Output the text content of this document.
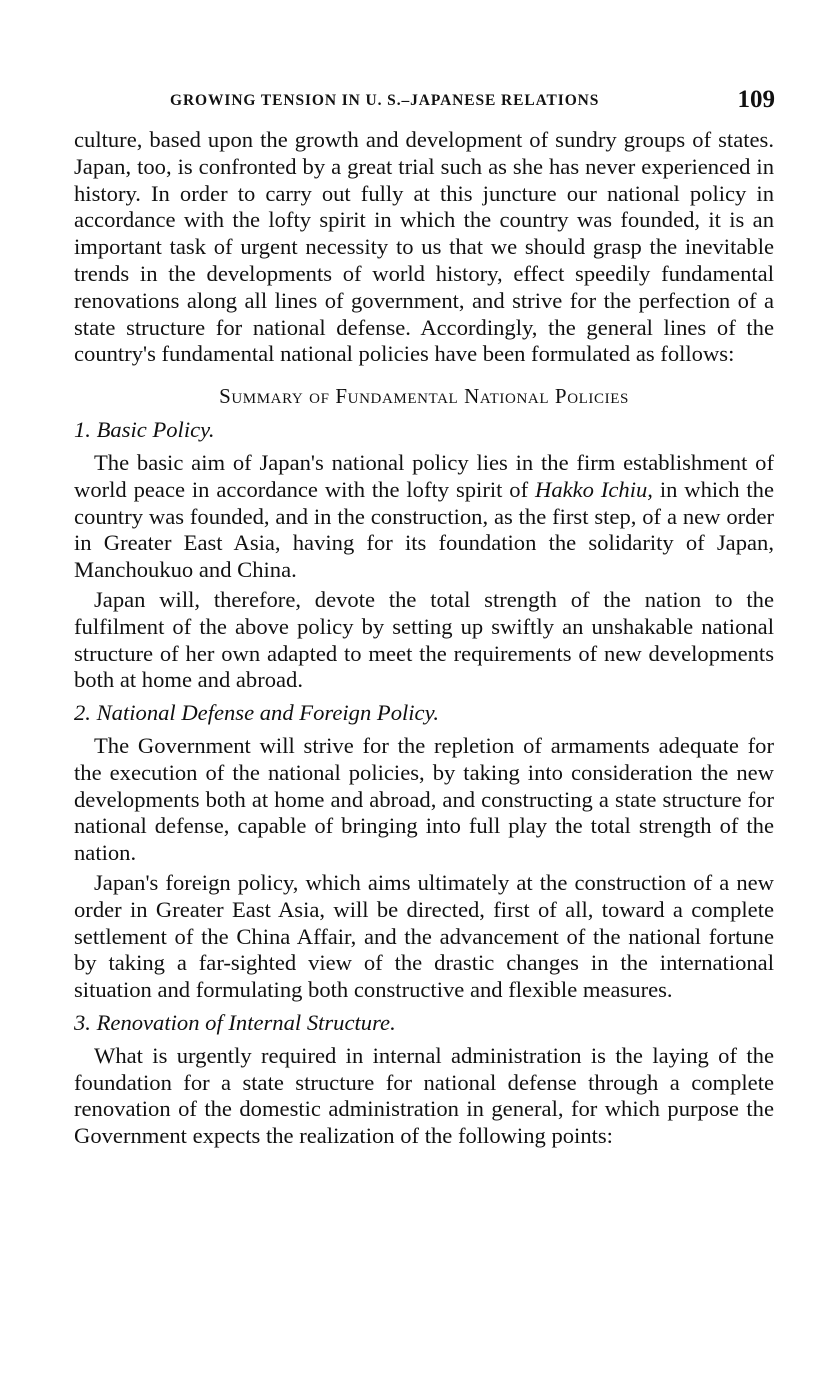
GROWING TENSION IN U. S.–JAPANESE RELATIONS	109

culture, based upon the growth and development of sundry groups of states. Japan, too, is confronted by a great trial such as she has never experienced in history. In order to carry out fully at this juncture our national policy in accordance with the lofty spirit in which the country was founded, it is an important task of urgent necessity to us that we should grasp the inevitable trends in the developments of world history, effect speedily fundamental renovations along all lines of government, and strive for the perfection of a state structure for national defense. Accordingly, the general lines of the country's fundamental national policies have been formulated as follows:

Summary of Fundamental National Policies

1. Basic Policy.

The basic aim of Japan's national policy lies in the firm establishment of world peace in accordance with the lofty spirit of Hakko Ichiu, in which the country was founded, and in the construction, as the first step, of a new order in Greater East Asia, having for its foundation the solidarity of Japan, Manchoukuo and China.

Japan will, therefore, devote the total strength of the nation to the fulfilment of the above policy by setting up swiftly an unshakable national structure of her own adapted to meet the requirements of new developments both at home and abroad.

2. National Defense and Foreign Policy.

The Government will strive for the repletion of armaments adequate for the execution of the national policies, by taking into consideration the new developments both at home and abroad, and constructing a state structure for national defense, capable of bringing into full play the total strength of the nation.

Japan's foreign policy, which aims ultimately at the construction of a new order in Greater East Asia, will be directed, first of all, toward a complete settlement of the China Affair, and the advancement of the national fortune by taking a far-sighted view of the drastic changes in the international situation and formulating both constructive and flexible measures.

3. Renovation of Internal Structure.

What is urgently required in internal administration is the laying of the foundation for a state structure for national defense through a complete renovation of the domestic administration in general, for which purpose the Government expects the realization of the following points:
